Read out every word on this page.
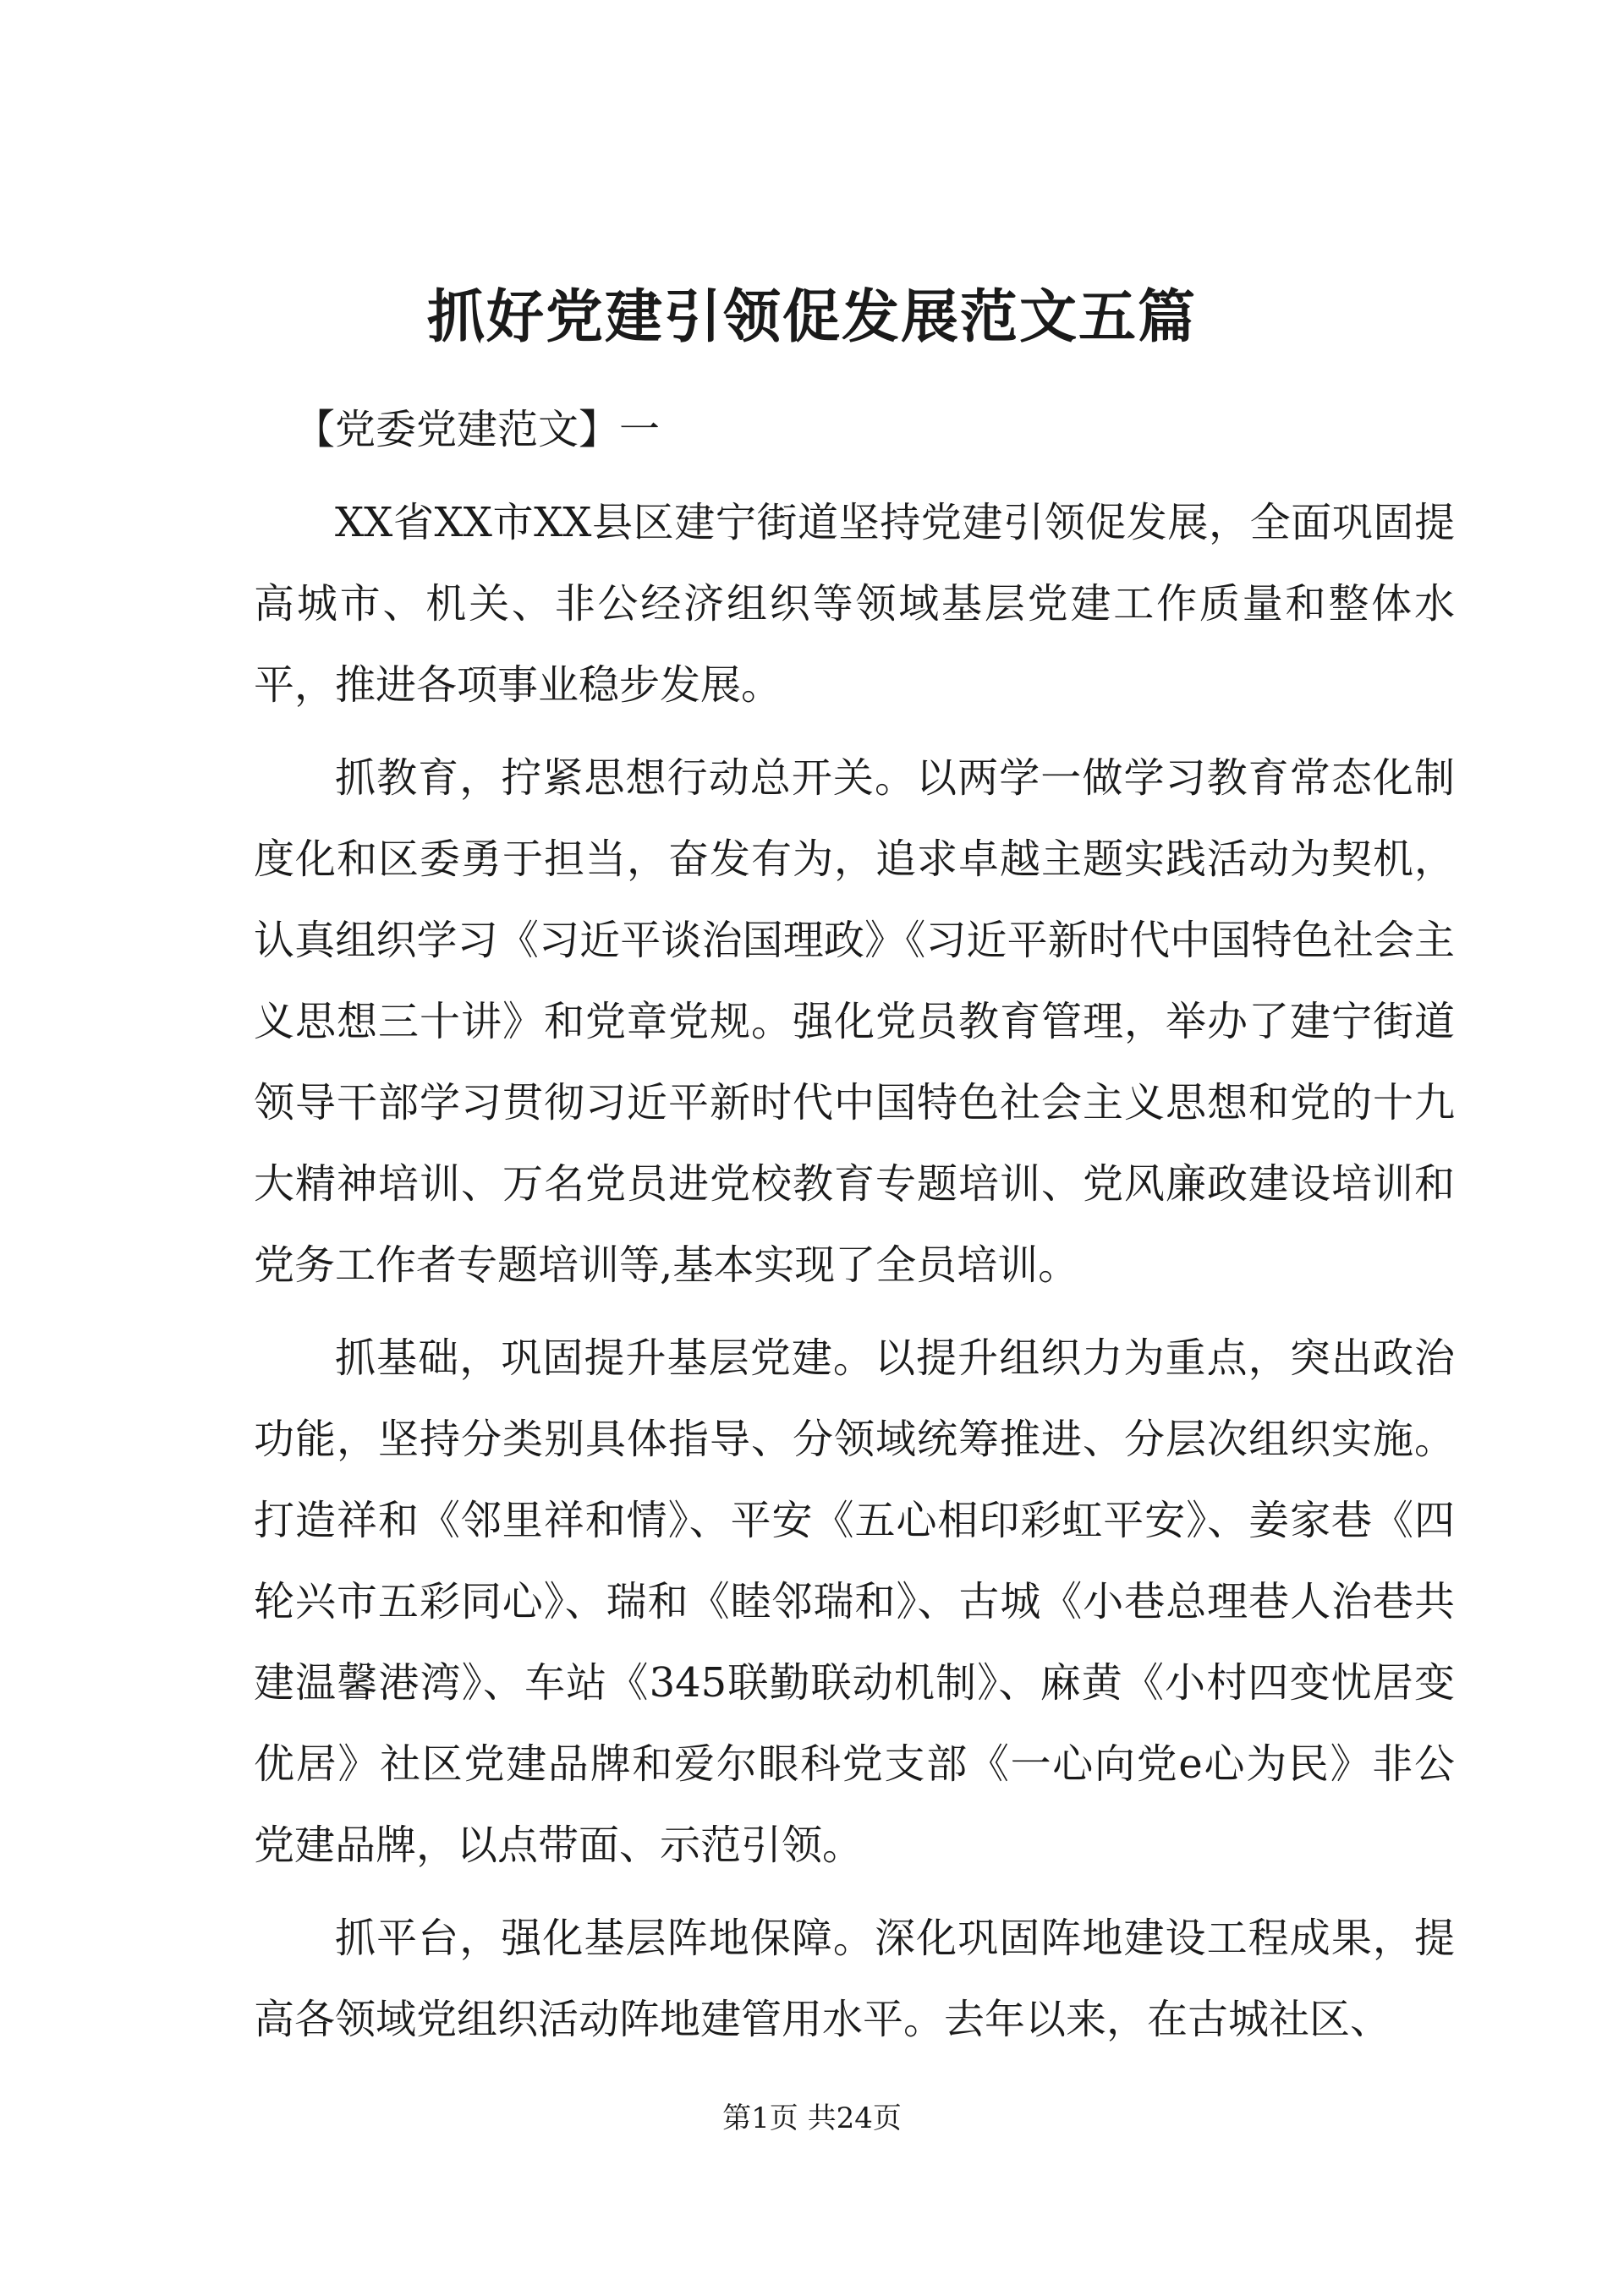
抓好党建引领促发展范文五篇

【党委党建范文】一

XX省XX市XX县区建宁街道坚持党建引领促发展，全面巩固提高城市、机关、非公经济组织等领域基层党建工作质量和整体水平，推进各项事业稳步发展。

抓教育，拧紧思想行动总开关。以两学一做学习教育常态化制度化和区委勇于担当，奋发有为，追求卓越主题实践活动为契机，认真组织学习《习近平谈治国理政》《习近平新时代中国特色社会主义思想三十讲》和党章党规。强化党员教育管理，举办了建宁街道领导干部学习贯彻习近平新时代中国特色社会主义思想和党的十九大精神培训、万名党员进党校教育专题培训、党风廉政建设培训和党务工作者专题培训等,基本实现了全员培训。

抓基础，巩固提升基层党建。以提升组织力为重点，突出政治功能，坚持分类别具体指导、分领域统筹推进、分层次组织实施。打造祥和《邻里祥和情》、平安《五心相印彩虹平安》、姜家巷《四轮兴市五彩同心》、瑞和《睦邻瑞和》、古城《小巷总理巷人治巷共建温馨港湾》、车站《345联勤联动机制》、麻黄《小村四变忧居变优居》社区党建品牌和爱尔眼科党支部《一心向党e心为民》非公党建品牌，以点带面、示范引领。

抓平台，强化基层阵地保障。深化巩固阵地建设工程成果，提高各领域党组织活动阵地建管用水平。去年以来，在古城社区、

第1页 共24页
